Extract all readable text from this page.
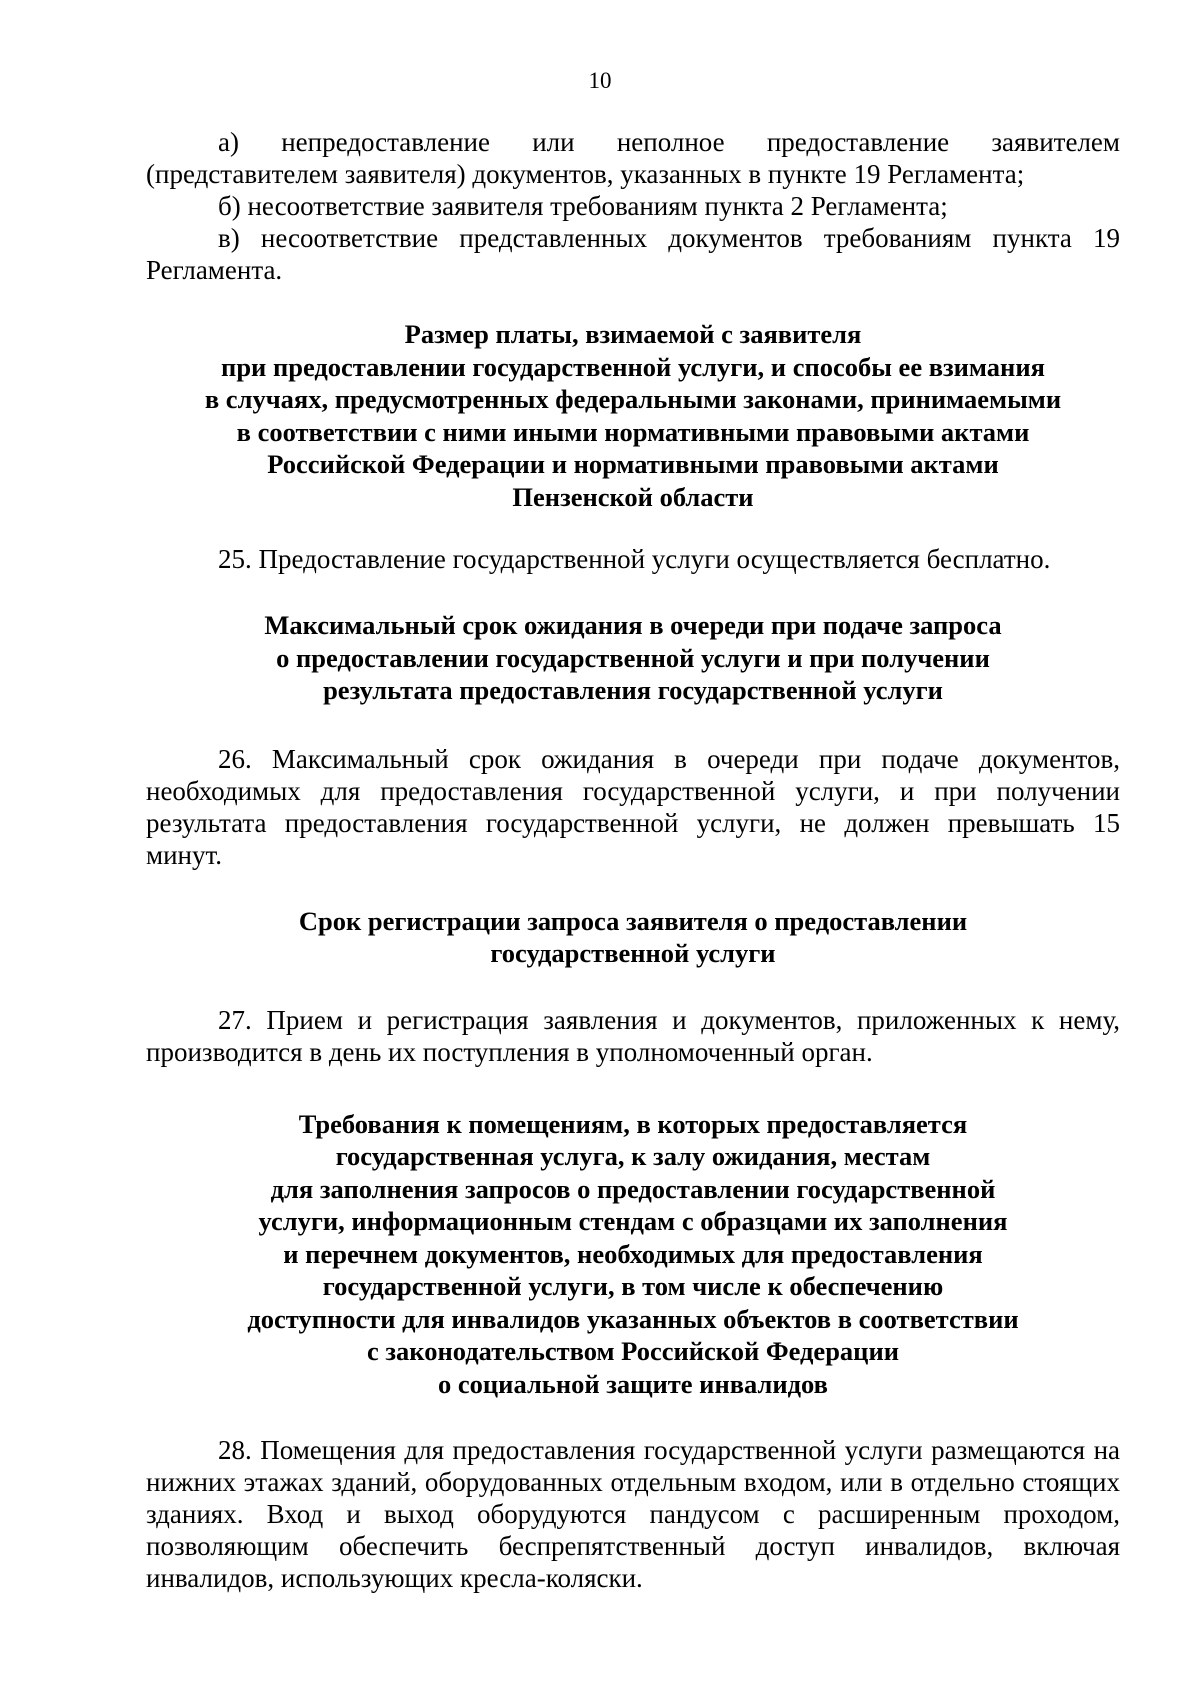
10

а) непредоставление или неполное предоставление заявителем (представителем заявителя) документов, указанных в пункте 19 Регламента;

б) несоответствие заявителя требованиям пункта 2 Регламента;

в) несоответствие представленных документов требованиям пункта 19 Регламента.

Размер платы, взимаемой с заявителя
при предоставлении государственной услуги, и способы ее взимания
в случаях, предусмотренных федеральными законами, принимаемыми
в соответствии с ними иными нормативными правовыми актами
Российской Федерации и нормативными правовыми актами
Пензенской области

25. Предоставление государственной услуги осуществляется бесплатно.

Максимальный срок ожидания в очереди при подаче запроса
о предоставлении государственной услуги и при получении
результата предоставления государственной услуги

26. Максимальный срок ожидания в очереди при подаче документов, необходимых для предоставления государственной услуги, и при получении результата предоставления государственной услуги, не должен превышать 15 минут.

Срок регистрации запроса заявителя о предоставлении
государственной услуги

27. Прием и регистрация заявления и документов, приложенных к нему, производится в день их поступления в уполномоченный орган.

Требования к помещениям, в которых предоставляется
государственная услуга, к залу ожидания, местам
для заполнения запросов о предоставлении государственной
услуги, информационным стендам с образцами их заполнения
и перечнем документов, необходимых для предоставления
государственной услуги, в том числе к обеспечению
доступности для инвалидов указанных объектов в соответствии
с законодательством Российской Федерации
о социальной защите инвалидов

28. Помещения для предоставления государственной услуги размещаются на нижних этажах зданий, оборудованных отдельным входом, или в отдельно стоящих зданиях. Вход и выход оборудуются пандусом с расширенным проходом, позволяющим обеспечить беспрепятственный доступ инвалидов, включая инвалидов, использующих кресла-коляски.
